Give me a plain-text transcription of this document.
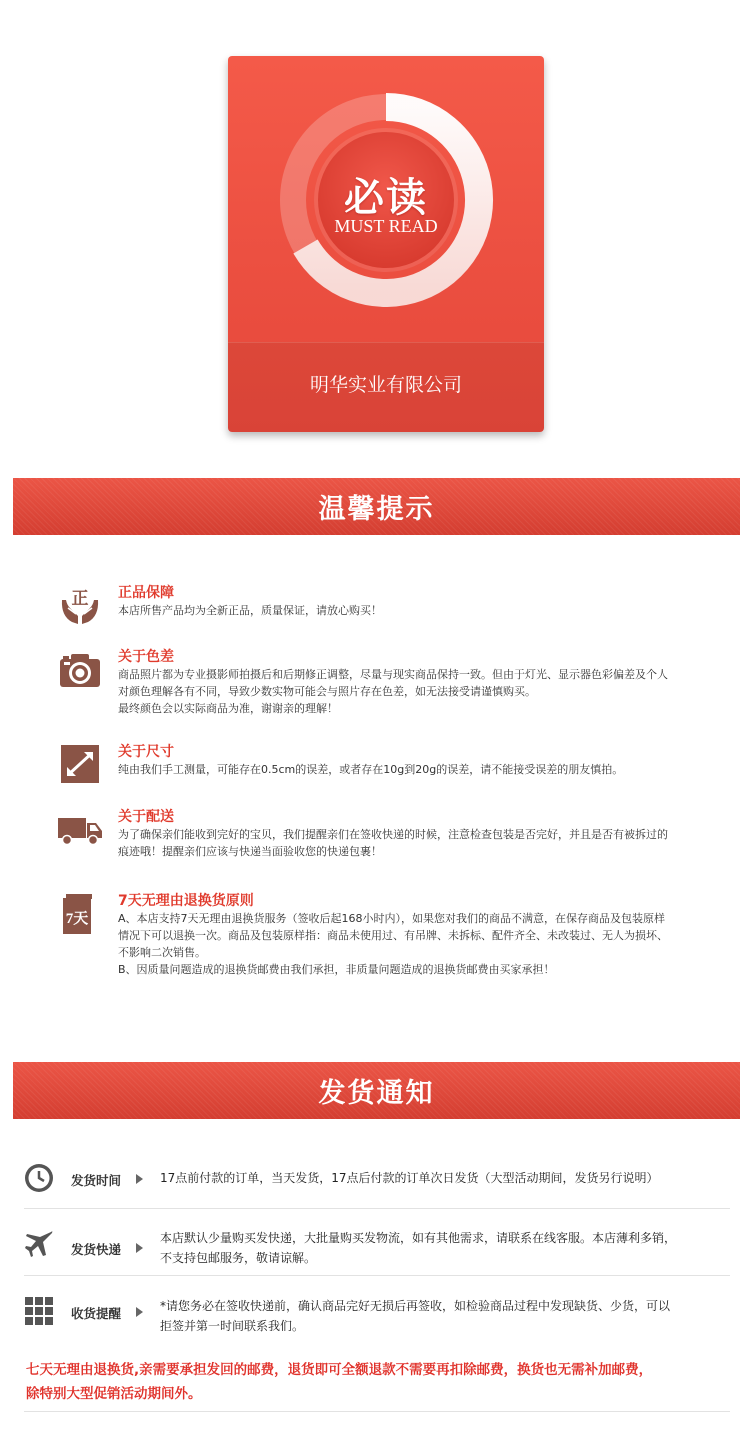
必读
MUST READ
明华实业有限公司
温馨提示
正 正品保障
本店所售产品均为全新正品，质量保证，请放心购买！
关于色差
商品照片都为专业摄影师拍摄后和后期修正调整，尽量与现实商品保持一致。但由于灯光、显示器色彩偏差及个人
对颜色理解各有不同，导致少数实物可能会与照片存在色差，如无法接受请谨慎购买。
最终颜色会以实际商品为准，谢谢亲的理解！
关于尺寸
纯由我们手工测量，可能存在0.5cm的误差，或者存在10g到20g的误差，请不能接受误差的朋友慎拍。
关于配送
为了确保亲们能收到完好的宝贝，我们提醒亲们在签收快递的时候，注意检查包装是否完好，并且是否有被拆过的
痕迹哦！提醒亲们应该与快递当面验收您的快递包裹！
7天
7天无理由退换货原则
A、本店支持7天无理由退换货服务（签收后起168小时内），如果您对我们的商品不满意，在保存商品及包装原样
情况下可以退换一次。商品及包装原样指：商品未使用过、有吊牌、未拆标、配件齐全、未改装过、无人为损坏、
不影响二次销售。
B、因质量问题造成的退换货邮费由我们承担，非质量问题造成的退换货邮费由买家承担！
发货通知
发货时间	17点前付款的订单，当天发货，17点后付款的订单次日发货（大型活动期间，发货另行说明）
发货快递
本店默认少量购买发快递，大批量购买发物流，如有其他需求，请联系在线客服。本店薄利多销，
不支持包邮服务，敬请谅解。
收货提醒	*请您务必在签收快递前，确认商品完好无损后再签收，如检验商品过程中发现缺货、少货，可以
拒签并第一时间联系我们。
七天无理由退换货,亲需要承担发回的邮费，退货即可全额退款不需要再扣除邮费，换货也无需补加邮费，
除特别大型促销活动期间外。
